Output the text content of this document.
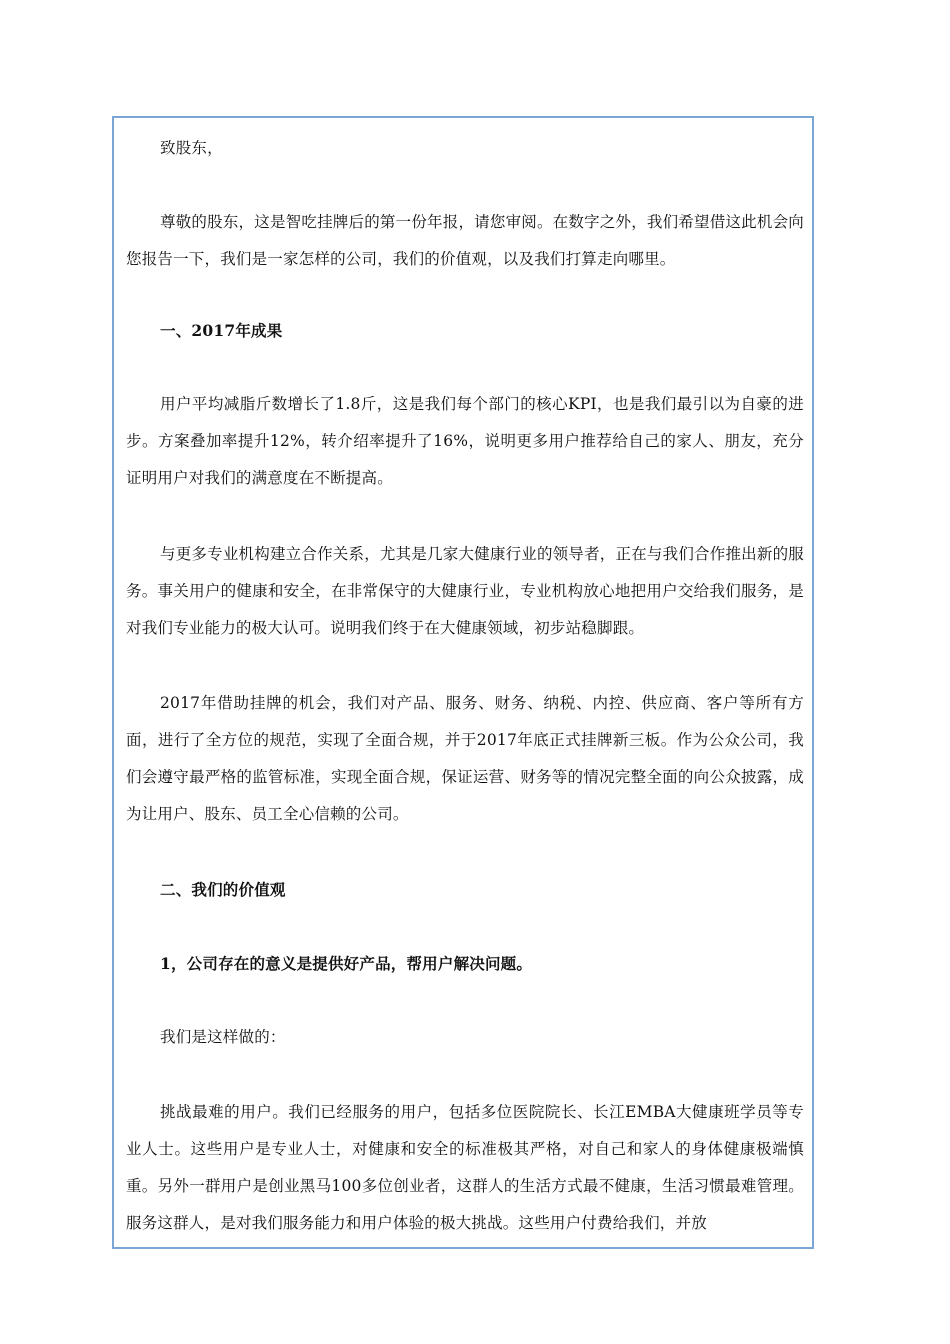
致股东，

尊敬的股东，这是智吃挂牌后的第一份年报，请您审阅。在数字之外，我们希望借这此机会向您报告一下，我们是一家怎样的公司，我们的价值观，以及我们打算走向哪里。

一、2017年成果

用户平均减脂斤数增长了1.8斤，这是我们每个部门的核心KPI，也是我们最引以为自豪的进步。方案叠加率提升12%，转介绍率提升了16%，说明更多用户推荐给自己的家人、朋友，充分证明用户对我们的满意度在不断提高。

与更多专业机构建立合作关系，尤其是几家大健康行业的领导者，正在与我们合作推出新的服务。事关用户的健康和安全，在非常保守的大健康行业，专业机构放心地把用户交给我们服务，是对我们专业能力的极大认可。说明我们终于在大健康领域，初步站稳脚跟。

2017年借助挂牌的机会，我们对产品、服务、财务、纳税、内控、供应商、客户等所有方面，进行了全方位的规范，实现了全面合规，并于2017年底正式挂牌新三板。作为公众公司，我们会遵守最严格的监管标准，实现全面合规，保证运营、财务等的情况完整全面的向公众披露，成为让用户、股东、员工全心信赖的公司。

二、我们的价值观

1，公司存在的意义是提供好产品，帮用户解决问题。

我们是这样做的：

挑战最难的用户。我们已经服务的用户，包括多位医院院长、长江EMBA大健康班学员等专业人士。这些用户是专业人士，对健康和安全的标准极其严格，对自己和家人的身体健康极端慎重。另外一群用户是创业黑马100多位创业者，这群人的生活方式最不健康，生活习惯最难管理。服务这群人，是对我们服务能力和用户体验的极大挑战。这些用户付费给我们，并放
